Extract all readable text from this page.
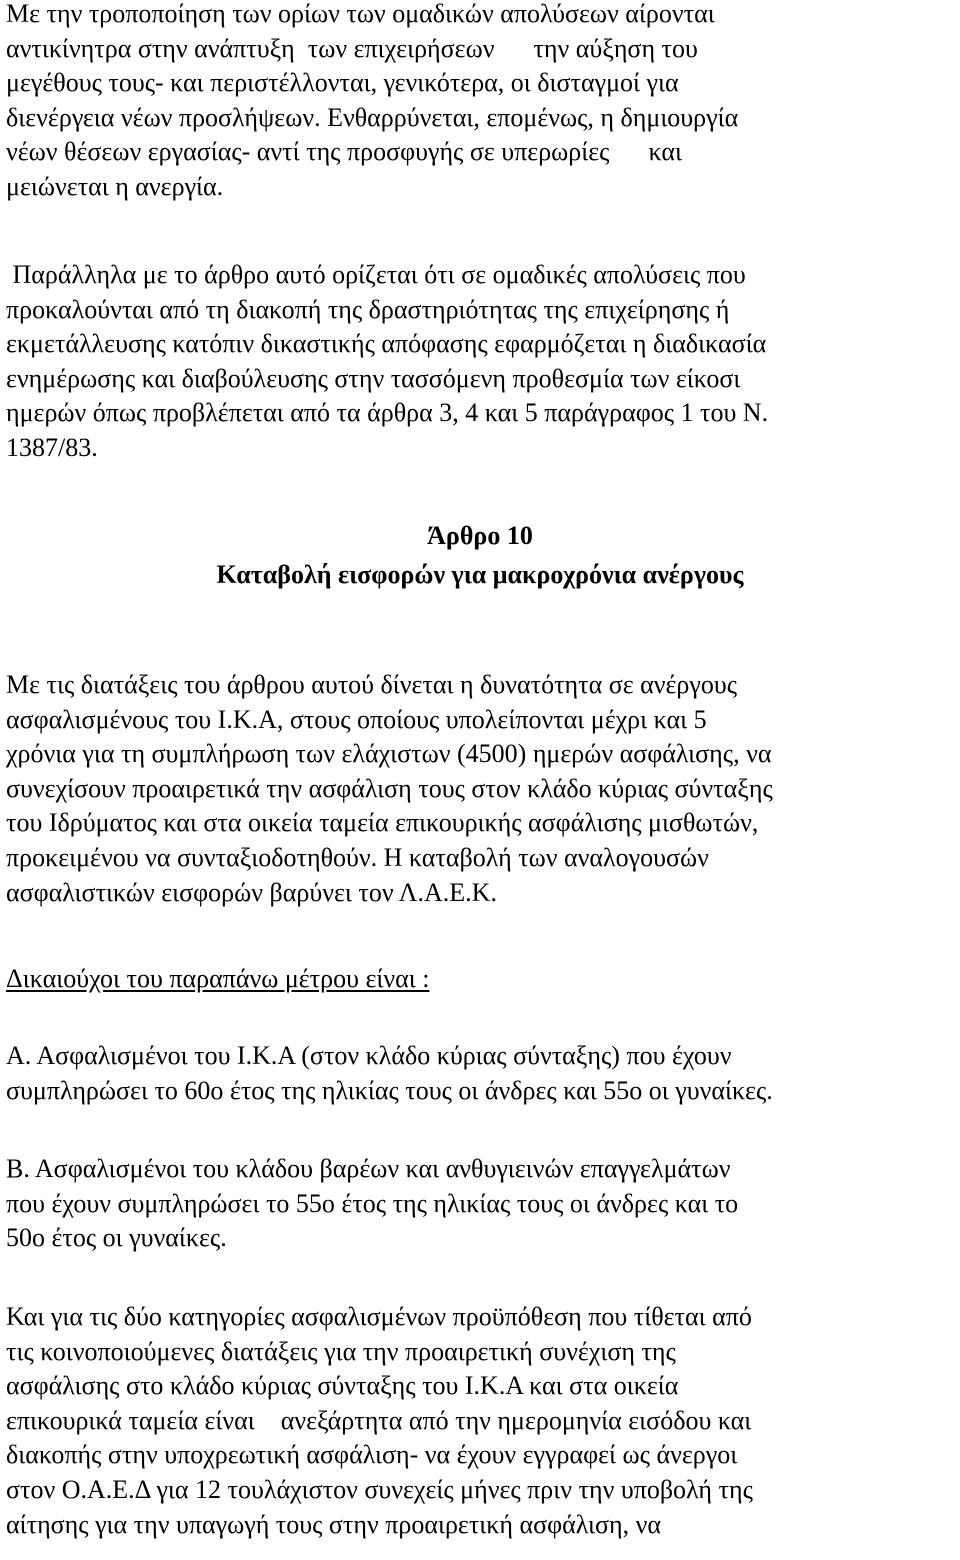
Με την τροποποίηση των ορίων των ομαδικών απολύσεων αίρονται
αντικίνητρα στην ανάπτυξη  των επιχειρήσεων      την αύξηση του
μεγέθους τους- και περιστέλλονται, γενικότερα, οι δισταγμοί για
διενέργεια νέων προσλήψεων. Ενθαρρύνεται, επομένως, η δημιουργία
νέων θέσεων εργασίας- αντί της προσφυγής σε υπερωρίες      και
μειώνεται η ανεργία.
Παράλληλα με το άρθρο αυτό ορίζεται ότι σε ομαδικές απολύσεις που
προκαλούνται από τη διακοπή της δραστηριότητας της επιχείρησης ή
εκμετάλλευσης κατόπιν δικαστικής απόφασης εφαρμόζεται η διαδικασία
ενημέρωσης και διαβούλευσης στην τασσόμενη προθεσμία των είκοσι
ημερών όπως προβλέπεται από τα άρθρα 3, 4 και 5 παράγραφος 1 του Ν.
1387/83.
Άρθρο 10
Καταβολή εισφορών για μακροχρόνια ανέργους
Με τις διατάξεις του άρθρου αυτού δίνεται η δυνατότητα σε ανέργους
ασφαλισμένους του Ι.Κ.Α, στους οποίους υπολείπονται μέχρι και 5
χρόνια για τη συμπλήρωση των ελάχιστων (4500) ημερών ασφάλισης, να
συνεχίσουν προαιρετικά την ασφάλιση τους στον κλάδο κύριας σύνταξης
του Ιδρύματος και στα οικεία ταμεία επικουρικής ασφάλισης μισθωτών,
προκειμένου να συνταξιοδοτηθούν. Η καταβολή των αναλογουσών
ασφαλιστικών εισφορών βαρύνει τον Λ.Α.Ε.Κ.
Δικαιούχοι του παραπάνω μέτρου είναι :
Α. Ασφαλισμένοι του Ι.Κ.Α (στον κλάδο κύριας σύνταξης) που έχουν
συμπληρώσει το 60ο έτος της ηλικίας τους οι άνδρες και 55ο οι γυναίκες.
Β. Ασφαλισμένοι του κλάδου βαρέων και ανθυγιεινών επαγγελμάτων
που έχουν συμπληρώσει το 55ο έτος της ηλικίας τους οι άνδρες και το
50ο έτος οι γυναίκες.
Και για τις δύο κατηγορίες ασφαλισμένων προϋπόθεση που τίθεται από
τις κοινοποιούμενες διατάξεις για την προαιρετική συνέχιση της
ασφάλισης στο κλάδο κύριας σύνταξης του Ι.Κ.Α και στα οικεία
επικουρικά ταμεία είναι    ανεξάρτητα από την ημερομηνία εισόδου και
διακοπής στην υποχρεωτική ασφάλιση- να έχουν εγγραφεί ως άνεργοι
στον Ο.Α.Ε.Δ για 12 τουλάχιστον συνεχείς μήνες πριν την υποβολή της
αίτησης για την υπαγωγή τους στην προαιρετική ασφάλιση, να
